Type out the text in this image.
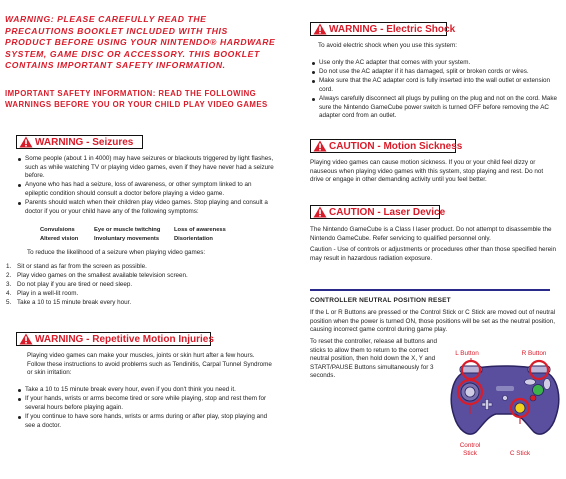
WARNING: PLEASE CAREFULLY READ THE PRECAUTIONS BOOKLET INCLUDED WITH THIS PRODUCT BEFORE USING YOUR NINTENDO® HARDWARE SYSTEM, GAME DISC OR ACCESSORY. THIS BOOKLET CONTAINS IMPORTANT SAFETY INFORMATION.
IMPORTANT SAFETY INFORMATION: READ THE FOLLOWING WARNINGS BEFORE YOU OR YOUR CHILD PLAY VIDEO GAMES
WARNING - Seizures
Some people (about 1 in 4000) may have seizures or blackouts triggered by light flashes, such as while watching TV or playing video games, even if they have never had a seizure before.
Anyone who has had a seizure, loss of awareness, or other symptom linked to an epileptic condition should consult a doctor before playing a video game.
Parents should watch when their children play video games. Stop playing and consult a doctor if you or your child have any of the following symptoms:
Convulsions	Eye or muscle twitching	Loss of awareness
Altered vision	Involuntary movements	Disorientation
To reduce the likelihood of a seizure when playing video games:
1. Sit or stand as far from the screen as possible.
2. Play video games on the smallest available television screen.
3. Do not play if you are tired or need sleep.
4. Play in a well-lit room.
5. Take a 10 to 15 minute break every hour.
WARNING - Repetitive Motion Injuries
Playing video games can make your muscles, joints or skin hurt after a few hours. Follow these instructions to avoid problems such as Tendinitis, Carpal Tunnel Syndrome or skin irritation:
Take a 10 to 15 minute break every hour, even if you don't think you need it.
If your hands, wrists or arms become tired or sore while playing, stop and rest them for several hours before playing again.
If you continue to have sore hands, wrists or arms during or after play, stop playing and see a doctor.
WARNING - Electric Shock
To avoid electric shock when you use this system:
Use only the AC adapter that comes with your system.
Do not use the AC adapter if it has damaged, split or broken cords or wires.
Make sure that the AC adapter cord is fully inserted into the wall outlet or extension cord.
Always carefully disconnect all plugs by pulling on the plug and not on the cord. Make sure the Nintendo GameCube power switch is turned OFF before removing the AC adapter cord from an outlet.
CAUTION - Motion Sickness
Playing video games can cause motion sickness. If you or your child feel dizzy or nauseous when playing video games with this system, stop playing and rest. Do not drive or engage in other demanding activity until you feel better.
CAUTION - Laser Device
The Nintendo GameCube is a Class I laser product. Do not attempt to disassemble the Nintendo GameCube. Refer servicing to qualified personnel only.
Caution - Use of controls or adjustments or procedures other than those specified herein may result in hazardous radiation exposure.
CONTROLLER NEUTRAL POSITION RESET
If the L or R Buttons are pressed or the Control Stick or C Stick are moved out of neutral position when the power is turned ON, those positions will be set as the neutral position, causing incorrect game control during game play.
To reset the controller, release all buttons and sticks to allow them to return to the correct neutral position, then hold down the X, Y and START/PAUSE Buttons simultaneously for 3 seconds.
L Button	R Button
Control
Stick	C Stick
